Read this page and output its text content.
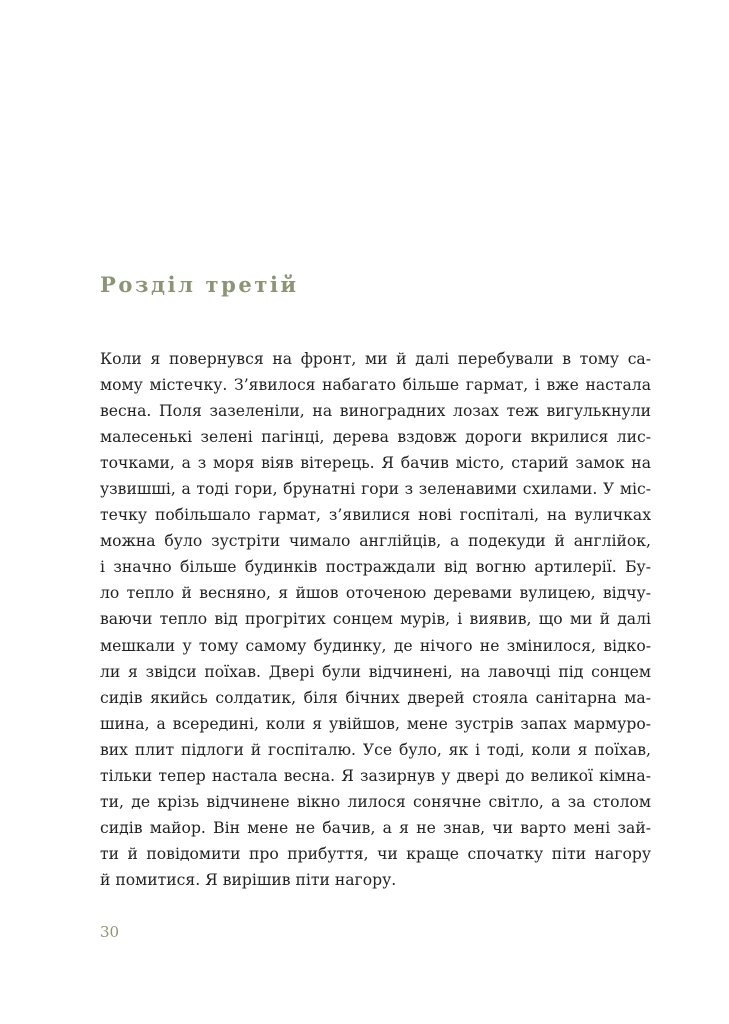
Розділ третій
Коли я повернувся на фронт, ми й далі перебували в тому са-
мому містечку. З’явилося набагато більше гармат, і вже настала
весна. Поля зазеленіли, на виноградних лозах теж вигулькнули
малесенькі зелені пагінці, дерева вздовж дороги вкрилися лис-
точками, а з моря віяв вітерець. Я бачив місто, старий замок на
узвишші, а тоді гори, брунатні гори з зеленавими схилами. У міс-
течку побільшало гармат, з’явилися нові госпіталі, на вуличках
можна було зустріти чимало англійців, а подекуди й англійок,
і значно більше будинків постраждали від вогню артилерії. Бу-
ло тепло й весняно, я йшов оточеною деревами вулицею, відчу-
ваючи тепло від прогрітих сонцем мурів, і виявив, що ми й далі
мешкали у тому самому будинку, де нічого не змінилося, відко-
ли я звідси поїхав. Двері були відчинені, на лавочці під сонцем
сидів якийсь солдатик, біля бічних дверей стояла санітарна ма-
шина, а всередині, коли я увійшов, мене зустрів запах мармуро-
вих плит підлоги й госпіталю. Усе було, як і тоді, коли я поїхав,
тільки тепер настала весна. Я зазирнув у двері до великої кімна-
ти, де крізь відчинене вікно лилося сонячне світло, а за столом
сидів майор. Він мене не бачив, а я не знав, чи варто мені зай-
ти й повідомити про прибуття, чи краще спочатку піти нагору
й помитися. Я вирішив піти нагору.
30
